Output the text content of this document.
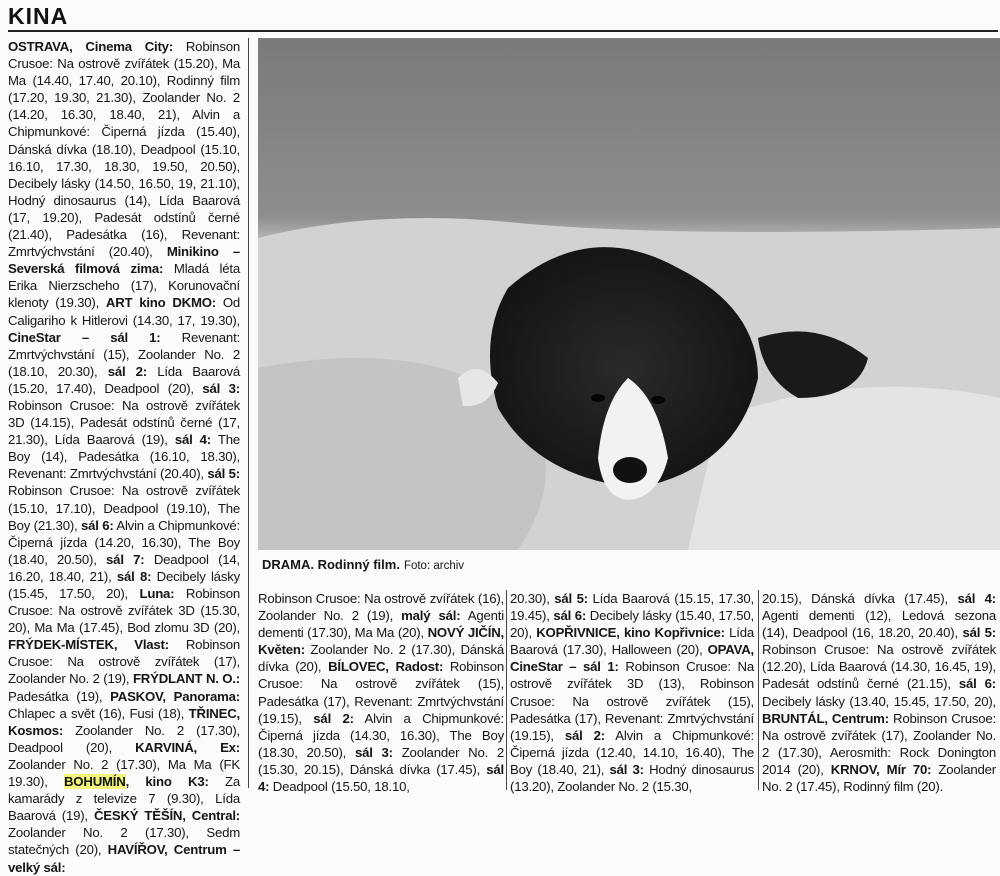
KINA

OSTRAVA, Cinema City: Robinson Crusoe: Na ostrově zvířátek (15.20), Ma Ma (14.40, 17.40, 20.10), Rodinný film (17.20, 19.30, 21.30), Zoolander No. 2 (14.20, 16.30, 18.40, 21), Alvin a Chipmunkové: Čiperná jízda (15.40), Dánská dívka (18.10), Deadpool (15.10, 16.10, 17.30, 18.30, 19.50, 20.50), Decibely lásky (14.50, 16.50, 19, 21.10), Hodný dinosaurus (14), Lída Baarová (17, 19.20), Padesát odstínů černé (21.40), Padesátka (16), Revenant: Zmrtvýchvstání (20.40), Minikino – Severská filmová zima: Mladá léta Erika Nierzscheho (17), Korunovační klenoty (19.30), ART kino DKMO: Od Caligariho k Hitlerovi (14.30, 17, 19.30), CineStar – sál 1: Revenant: Zmrtvýchvstání (15), Zoolander No. 2 (18.10, 20.30), sál 2: Lída Baarová (15.20, 17.40), Deadpool (20), sál 3: Robinson Crusoe: Na ostrově zvířátek 3D (14.15), Padesát odstínů černé (17, 21.30), Lída Baarová (19), sál 4: The Boy (14), Padesátka (16.10, 18.30), Revenant: Zmrtvýchvstání (20.40), sál 5: Robinson Crusoe: Na ostrově zvířátek (15.10, 17.10), Deadpool (19.10), The Boy (21.30), sál 6: Alvin a Chipmunkové: Čiperná jízda (14.20, 16.30), The Boy (18.40, 20.50), sál 7: Deadpool (14, 16.20, 18.40, 21), sál 8: Decibely lásky (15.45, 17.50, 20), Luna: Robinson Crusoe: Na ostrově zvířátek 3D (15.30, 20), Ma Ma (17.45), Bod zlomu 3D (20), FRÝDEK-MÍSTEK, Vlast: Robinson Crusoe: Na ostrově zvířátek (17), Zoolander No. 2 (19), FRÝDLANT N. O.: Padesátka (19), PASKOV, Panorama: Chlapec a svět (16), Fusi (18), TŘINEC, Kosmos: Zoolander No. 2 (17.30), Deadpool (20), KARVINÁ, Ex: Zoolander No. 2 (17.30), Ma Ma (FK 19.30), BOHUMÍN, kino K3: Za kamarády z televize 7 (9.30), Lída Baarová (19), ČESKÝ TĚŠÍN, Central: Zoolander No. 2 (17.30), Sedm statečných (20), HAVÍŘOV, Centrum – velký sál:

DRAMA. Rodinný film. Foto: archiv

Robinson Crusoe: Na ostrově zvířátek (16), Zoolander No. 2 (19), malý sál: Agenti dementi (17.30), Ma Ma (20), NOVÝ JIČÍN, Květen: Zoolander No. 2 (17.30), Dánská dívka (20), BÍLOVEC, Radost: Robinson Crusoe: Na ostrově zvířátek (15), Padesátka (17), Revenant: Zmrtvýchvstání (19.15), sál 2: Alvin a Chipmunkové: Čiperná jízda (14.30, 16.30), The Boy (18.30, 20.50), sál 3: Zoolander No. 2 (15.30, 20.15), Dánská dívka (17.45), sál 4: Deadpool (15.50, 18.10,

20.30), sál 5: Lída Baarová (15.15, 17.30, 19.45), sál 6: Decibely lásky (15.40, 17.50, 20), KOPŘIVNICE, kino Kopřivnice: Lída Baarová (17.30), Halloween (20), OPAVA, CineStar – sál 1: Robinson Crusoe: Na ostrově zvířátek 3D (13), Robinson Crusoe: Na ostrově zvířátek (15), Padesátka (17), Revenant: Zmrtvýchvstání (19.15), sál 2: Alvin a Chipmunkové: Čiperná jízda (12.40, 14.10, 16.40), The Boy (18.40, 21), sál 3: Hodný dinosaurus (13.20), Zoolander No. 2 (15.30,

20.15), Dánská dívka (17.45), sál 4: Agenti dementi (12), Ledová sezona (14), Deadpool (16, 18.20, 20.40), sál 5: Robinson Crusoe: Na ostrově zvířátek (12.20), Lída Baarová (14.30, 16.45, 19), Padesát odstínů černé (21.15), sál 6: Decibely lásky (13.40, 15.45, 17.50, 20), BRUNTÁL, Centrum: Robinson Crusoe: Na ostrově zvířátek (17), Zoolander No. 2 (17.30), Aerosmith: Rock Donington 2014 (20), KRNOV, Mír 70: Zoolander No. 2 (17.45), Rodinný film (20).
